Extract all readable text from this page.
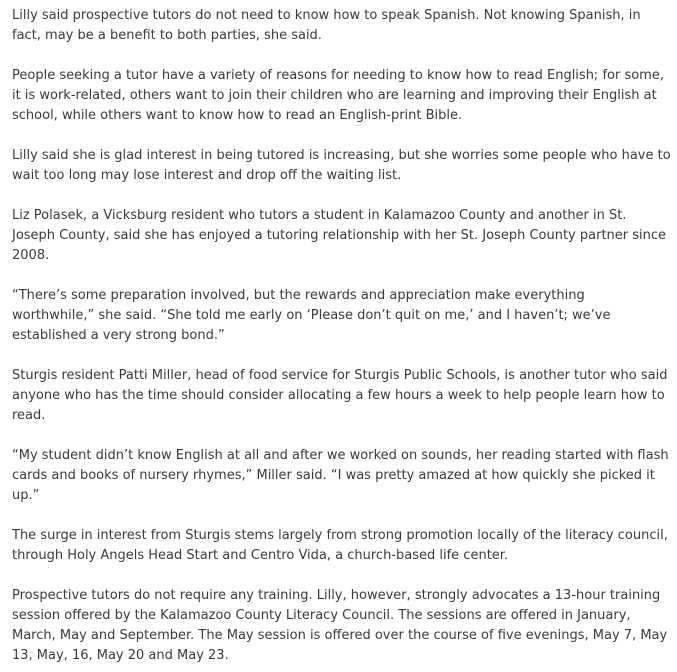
Lilly said prospective tutors do not need to know how to speak Spanish. Not knowing Spanish, in fact, may be a benefit to both parties, she said.

People seeking a tutor have a variety of reasons for needing to know how to read English; for some, it is work-related, others want to join their children who are learning and improving their English at school, while others want to know how to read an English-print Bible.

Lilly said she is glad interest in being tutored is increasing, but she worries some people who have to wait too long may lose interest and drop off the waiting list.

Liz Polasek, a Vicksburg resident who tutors a student in Kalamazoo County and another in St. Joseph County, said she has enjoyed a tutoring relationship with her St. Joseph County partner since 2008.

“There’s some preparation involved, but the rewards and appreciation make everything worthwhile,” she said. “She told me early on ‘Please don’t quit on me,’ and I haven’t; we’ve established a very strong bond.”

Sturgis resident Patti Miller, head of food service for Sturgis Public Schools, is another tutor who said anyone who has the time should consider allocating a few hours a week to help people learn how to read.

“My student didn’t know English at all and after we worked on sounds, her reading started with flash cards and books of nursery rhymes,” Miller said. “I was pretty amazed at how quickly she picked it up.”

The surge in interest from Sturgis stems largely from strong promotion locally of the literacy council, through Holy Angels Head Start and Centro Vida, a church-based life center.

Prospective tutors do not require any training. Lilly, however, strongly advocates a 13-hour training session offered by the Kalamazoo County Literacy Council. The sessions are offered in January, March, May and September. The May session is offered over the course of five evenings, May 7, May 13, May, 16, May 20 and May 23.
